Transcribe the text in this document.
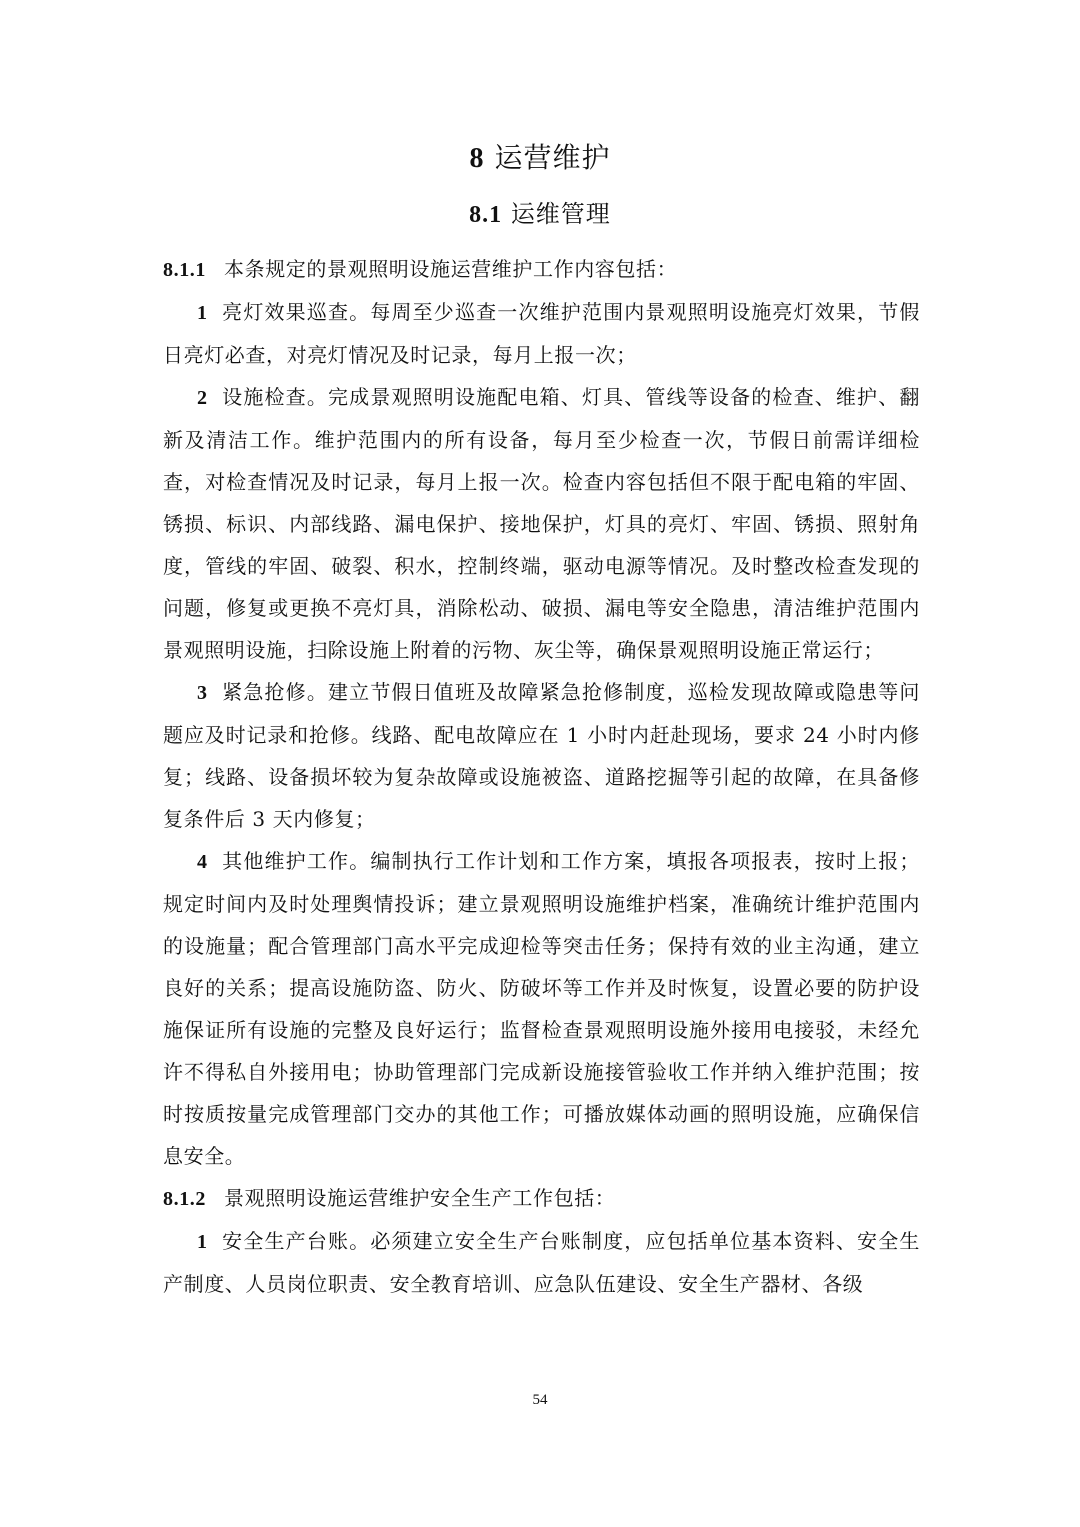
8 运营维护
8.1 运维管理

8.1.1 本条规定的景观照明设施运营维护工作内容包括：

1 亮灯效果巡查。每周至少巡查一次维护范围内景观照明设施亮灯效果，节假日亮灯必查，对亮灯情况及时记录，每月上报一次；

2 设施检查。完成景观照明设施配电箱、灯具、管线等设备的检查、维护、翻新及清洁工作。维护范围内的所有设备，每月至少检查一次，节假日前需详细检查，对检查情况及时记录，每月上报一次。检查内容包括但不限于配电箱的牢固、锈损、标识、内部线路、漏电保护、接地保护，灯具的亮灯、牢固、锈损、照射角度，管线的牢固、破裂、积水，控制终端，驱动电源等情况。及时整改检查发现的问题，修复或更换不亮灯具，消除松动、破损、漏电等安全隐患，清洁维护范围内景观照明设施，扫除设施上附着的污物、灰尘等，确保景观照明设施正常运行；

3 紧急抢修。建立节假日值班及故障紧急抢修制度，巡检发现故障或隐患等问题应及时记录和抢修。线路、配电故障应在 1 小时内赶赴现场，要求 24 小时内修复；线路、设备损坏较为复杂故障或设施被盗、道路挖掘等引起的故障，在具备修复条件后 3 天内修复；

4 其他维护工作。编制执行工作计划和工作方案，填报各项报表，按时上报；规定时间内及时处理舆情投诉；建立景观照明设施维护档案，准确统计维护范围内的设施量；配合管理部门高水平完成迎检等突击任务；保持有效的业主沟通，建立良好的关系；提高设施防盗、防火、防破坏等工作并及时恢复，设置必要的防护设施保证所有设施的完整及良好运行；监督检查景观照明设施外接用电接驳，未经允许不得私自外接用电；协助管理部门完成新设施接管验收工作并纳入维护范围；按时按质按量完成管理部门交办的其他工作；可播放媒体动画的照明设施，应确保信息安全。

8.1.2 景观照明设施运营维护安全生产工作包括：

1 安全生产台账。必须建立安全生产台账制度，应包括单位基本资料、安全生产制度、人员岗位职责、安全教育培训、应急队伍建设、安全生产器材、各级

54
